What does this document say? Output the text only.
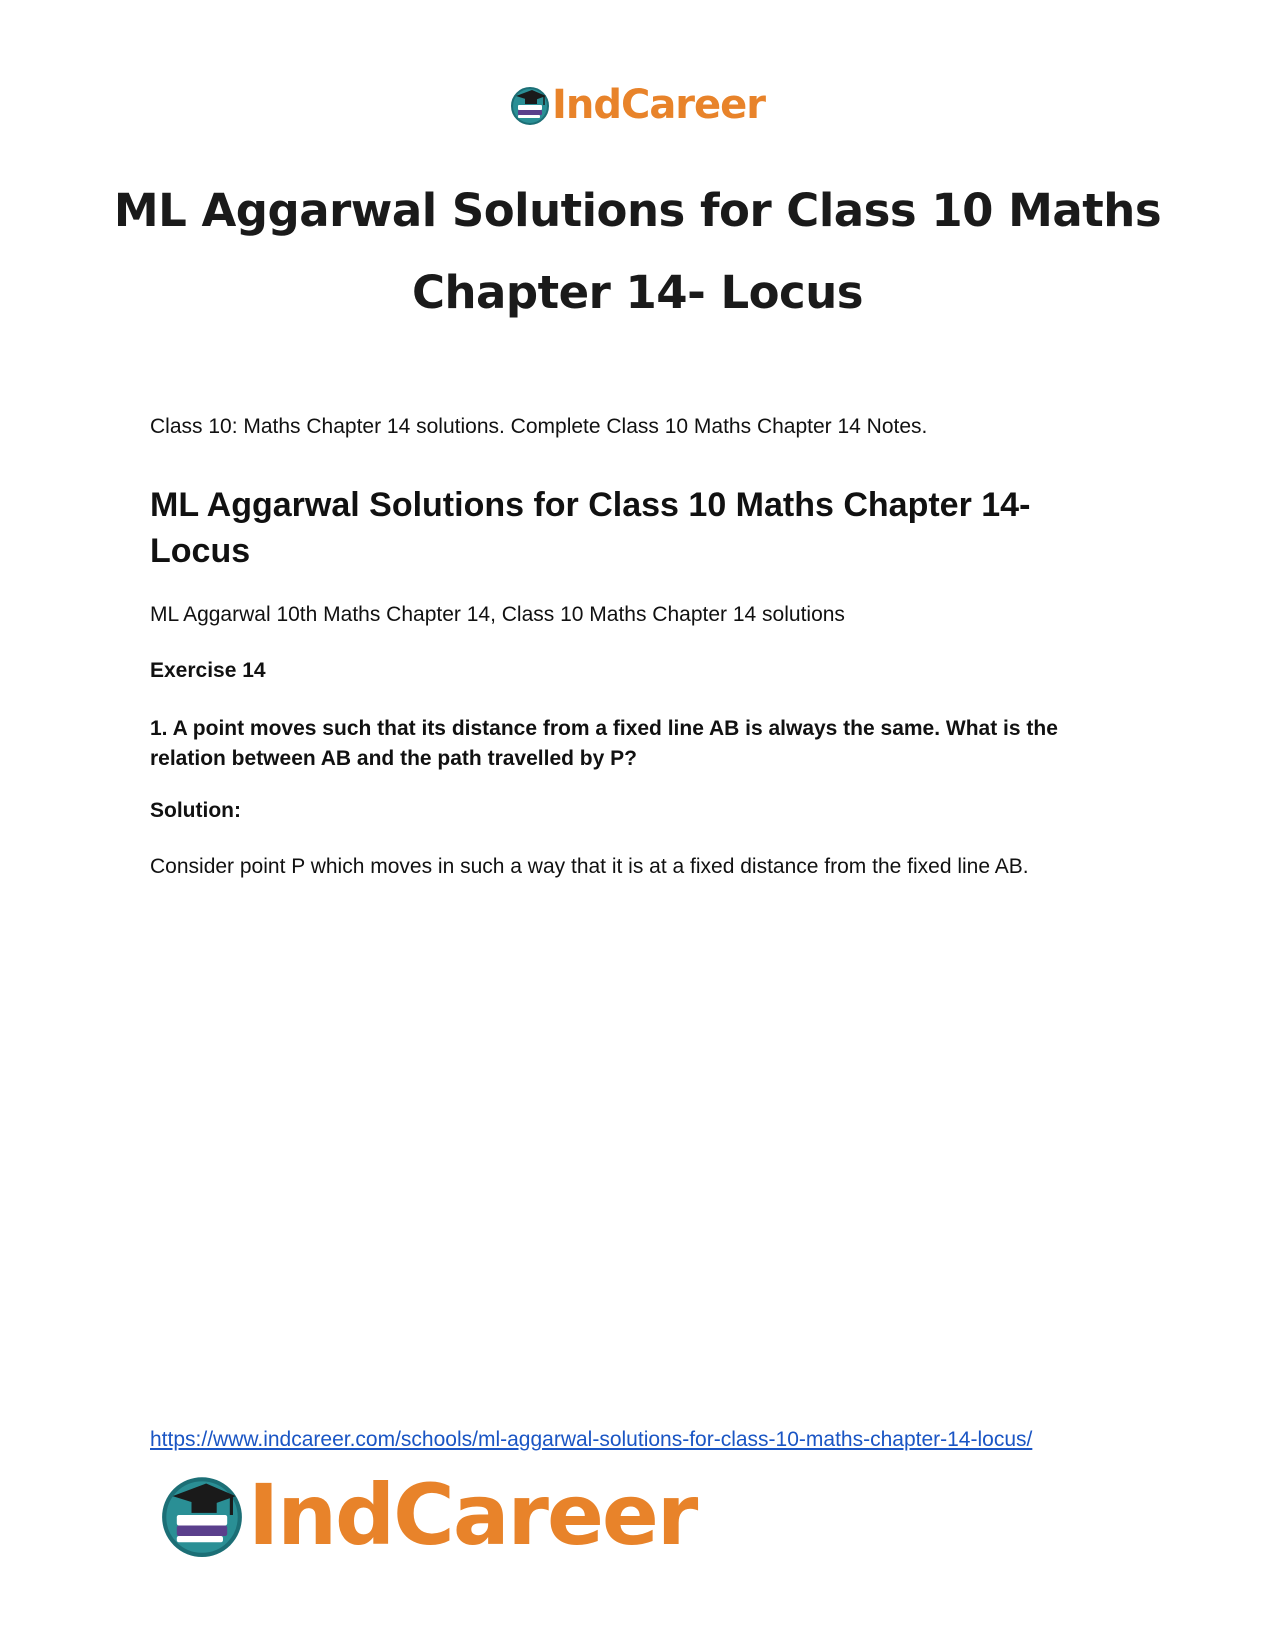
IndCareer
ML Aggarwal Solutions for Class 10 Maths
Chapter 14- Locus

Class 10: Maths Chapter 14 solutions. Complete Class 10 Maths Chapter 14 Notes.

ML Aggarwal Solutions for Class 10 Maths Chapter 14- Locus

ML Aggarwal 10th Maths Chapter 14, Class 10 Maths Chapter 14 solutions

Exercise 14

1. A point moves such that its distance from a fixed line AB is always the same. What is the relation between AB and the path travelled by P?

Solution:

Consider point P which moves in such a way that it is at a fixed distance from the fixed line AB.

https://www.indcareer.com/schools/ml-aggarwal-solutions-for-class-10-maths-chapter-14-locus/
IndCareer
